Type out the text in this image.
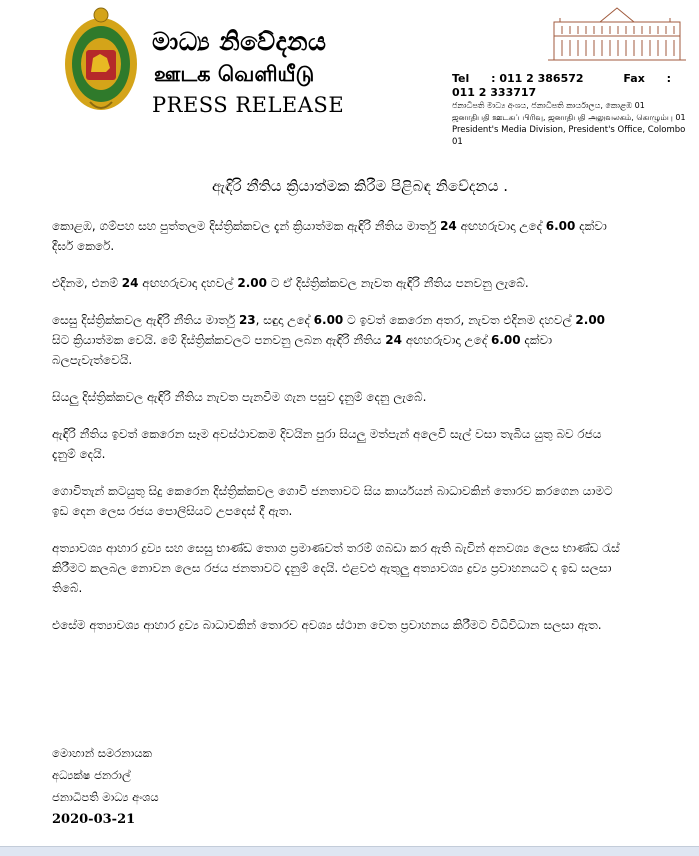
මාධ්‍ය නිවේදනය
ஊடக வெளியீடு
PRESS RELEASE
Tel : 011 2 386572	Fax : 011 2 333717
ජනාධිපති මාධ්‍ය අංශය, ජනාධිපති කාර්යාලය, කොළඹ 01
ஜனாதிபதி ஊடகப் பிரிவு, ஜனாதிபதி அலுவலகம், கொழும்பு 01
President's Media Division, President's Office, Colombo 01
ඇඳිරි නීතිය ක්‍රියාත්මක කිරීම පිළිබඳ නිවේදනය .

කොළඹ, ගම්පහ සහ පුත්තලම දිස්ත්‍රික්කවල දැන් ක්‍රියාත්මක ඇඳිරි නීතිය මාර්තු 24 අඟහරුවාදා උදේ 6.00 දක්වා දීර්ඝ කෙරේ.

එදිනම, එනම් 24 අඟහරුවාදා දහවල් 2.00 ට ඒ දිස්ත්‍රික්කවල නැවත ඇඳිරි නීතිය පනවනු ලැබේ.

සෙසු දිස්ත්‍රික්කවල ඇඳිරි නීතිය මාර්තු 23, සඳුදා උදේ 6.00 ට ඉවත් කෙරෙන අතර, නැවත එදිනම දහවල් 2.00 සිට ක්‍රියාත්මක වෙයි. මේ දිස්ත්‍රික්කවලට පනවනු ලබන ඇඳිරි නීතිය 24 අඟහරුවාදා උදේ 6.00 දක්වා බලපැවැත්වෙයි.

සියලු දිස්ත්‍රික්කවල ඇඳිරි නීතිය නැවත පැනවීම ගැන පසුව දැනුම් දෙනු ලැබේ.

ඇඳිරි නීතිය ඉවත් කෙරෙන සෑම අවස්ථාවකම දිවයින පුරා සියලු මත්පැන් අලෙවි සැල් වසා තැබිය යුතු බව රජය දැනුම් දෙයි.

ගොවිතැන් කටයුතු සිදු කෙරෙන දිස්ත්‍රික්කවල ගොවි ජනතාවට සිය කාර්යයන් බාධාවකින් තොරව කරගෙන යාමට ඉඩ දෙන ලෙස රජය පොලිසියට උපදෙස් දී ඇත.

අත්‍යාවශ්‍ය ආහාර ද්‍රව්‍ය සහ සෙසු භාණ්ඩ තොග ප්‍රමාණවත් තරම් ගබඩා කර ඇති බැවින් අනවශ්‍ය ලෙස භාණ්ඩ රැස් කිරීමට කලබල නොවන ලෙස රජය ජනතාවට දැනුම් දෙයි. එළවළු ඇතුලු අත්‍යාවශ්‍ය ද්‍රව්‍ය ප්‍රවාහනයට ද ඉඩ සලසා තිබේ.

එසේම අත්‍යාවශ්‍ය ආහාර ද්‍රව්‍ය බාධාවකින් තොරව අවශ්‍ය ස්ථාන වෙත ප්‍රවාහනය කිරීමට විධිවිධාන සලසා ඇත.

මොහාන් සමරනායක
අධ්‍යක්ෂ ජනරාල්
ජනාධිපති මාධ්‍ය අංශය
2020-03-21
